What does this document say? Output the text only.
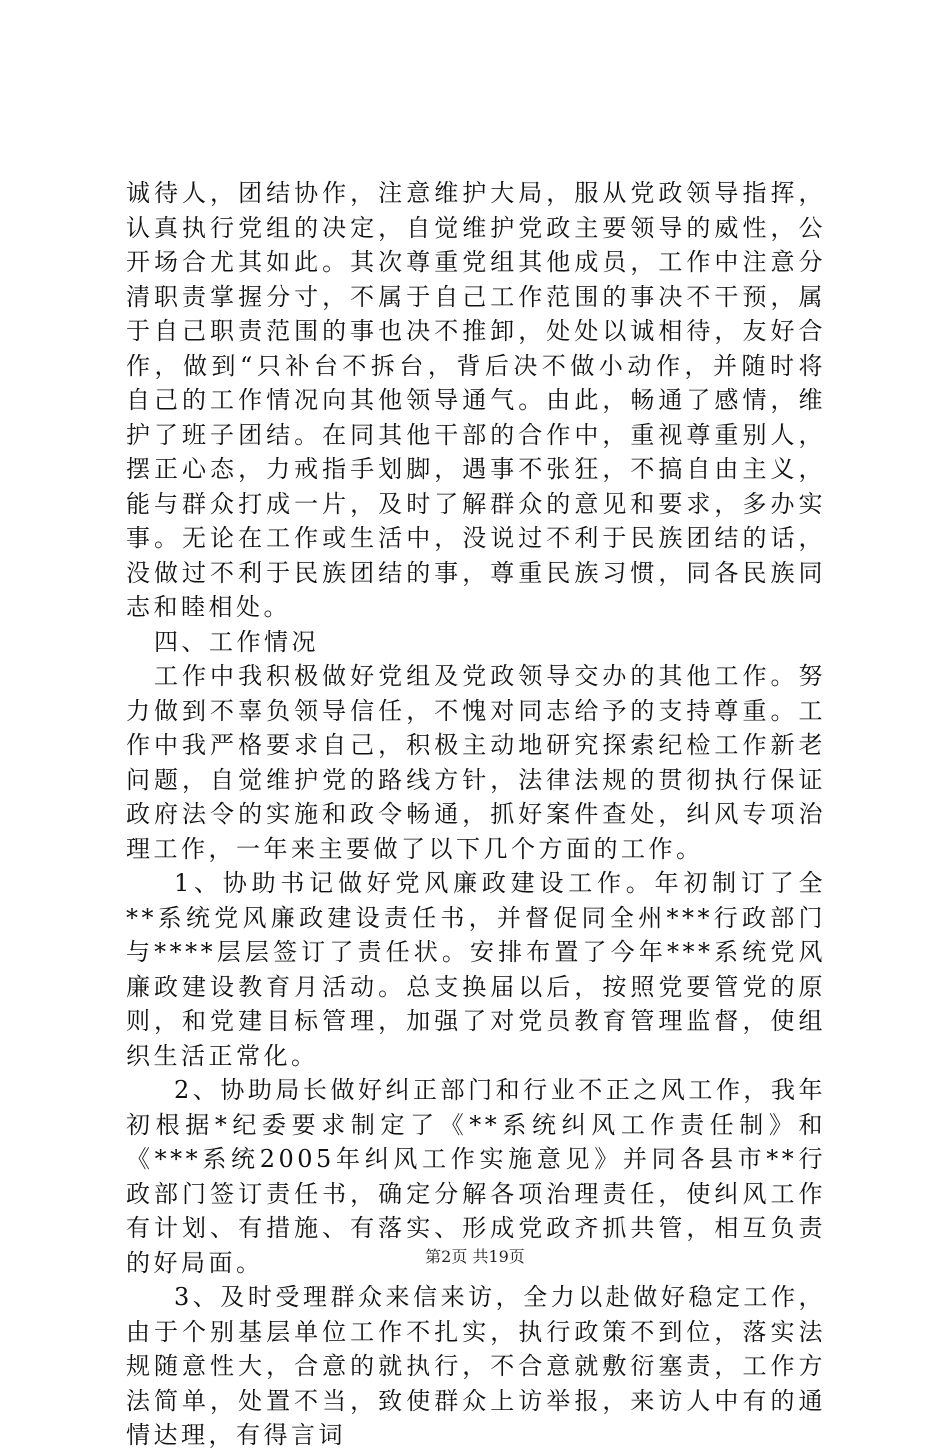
诚待人，团结协作，注意维护大局，服从党政领导指挥，认真执行党组的决定，自觉维护党政主要领导的威性，公开场合尤其如此。其次尊重党组其他成员，工作中注意分清职责掌握分寸，不属于自己工作范围的事决不干预，属于自己职责范围的事也决不推卸，处处以诚相待，友好合作，做到“只补台不拆台，背后决不做小动作，并随时将自己的工作情况向其他领导通气。由此，畅通了感情，维护了班子团结。在同其他干部的合作中，重视尊重别人，摆正心态，力戒指手划脚，遇事不张狂，不搞自由主义，能与群众打成一片，及时了解群众的意见和要求，多办实事。无论在工作或生活中，没说过不利于民族团结的话，没做过不利于民族团结的事，尊重民族习惯，同各民族同志和睦相处。

四、工作情况

工作中我积极做好党组及党政领导交办的其他工作。努力做到不辜负领导信任，不愧对同志给予的支持尊重。工作中我严格要求自己，积极主动地研究探索纪检工作新老问题，自觉维护党的路线方针，法律法规的贯彻执行保证政府法令的实施和政令畅通，抓好案件查处，纠风专项治理工作，一年来主要做了以下几个方面的工作。

1、协助书记做好党风廉政建设工作。年初制订了全**系统党风廉政建设责任书，并督促同全州***行政部门与****层层签订了责任状。安排布置了今年***系统党风廉政建设教育月活动。总支换届以后，按照党要管党的原则，和党建目标管理，加强了对党员教育管理监督，使组织生活正常化。

2、协助局长做好纠正部门和行业不正之风工作，我年初根据*纪委要求制定了《**系统纠风工作责任制》和《***系统2005年纠风工作实施意见》并同各县市**行政部门签订责任书，确定分解各项治理责任，使纠风工作有计划、有措施、有落实、形成党政齐抓共管，相互负责的好局面。

3、及时受理群众来信来访，全力以赴做好稳定工作，由于个别基层单位工作不扎实，执行政策不到位，落实法规随意性大，合意的就执行，不合意就敷衍塞责，工作方法简单，处置不当，致使群众上访举报，来访人中有的通情达理，有得言词

第2页 共19页
